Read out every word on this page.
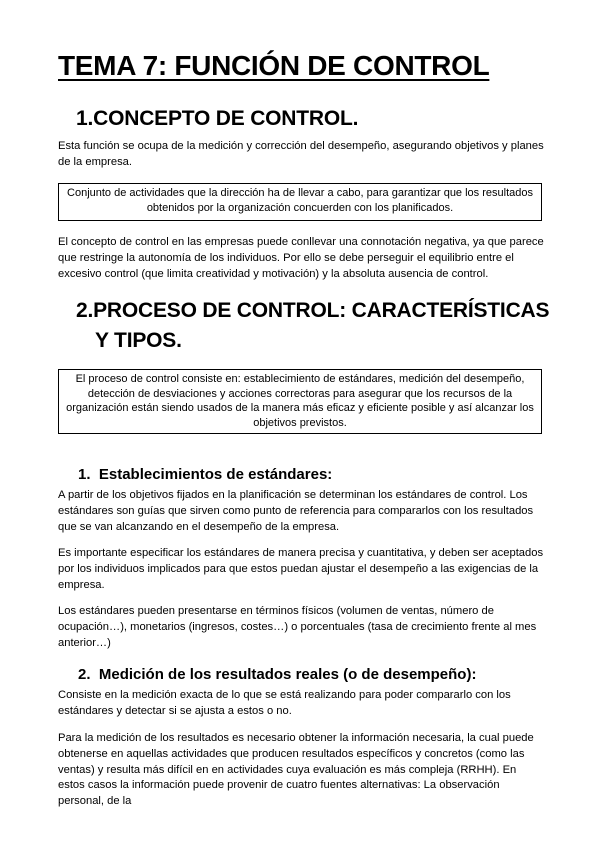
TEMA 7: FUNCIÓN DE CONTROL
1.CONCEPTO DE CONTROL.

Esta función se ocupa de la medición y corrección del desempeño, asegurando objetivos y planes de la empresa.

Conjunto de actividades que la dirección ha de llevar a cabo, para garantizar que los resultados obtenidos por la organización concuerden con los planificados.

El concepto de control en las empresas puede conllevar una connotación negativa, ya que parece que restringe la autonomía de los individuos. Por ello se debe perseguir el equilibrio entre el excesivo control (que limita creatividad y motivación) y la absoluta ausencia de control.

2.PROCESO DE CONTROL: CARACTERÍSTICAS
Y TIPOS.
El proceso de control consiste en: establecimiento de estándares, medición del desempeño, detección de desviaciones y acciones correctoras para asegurar que los recursos de la organización están siendo usados de la manera más eficaz y eficiente posible y así alcanzar los objetivos previstos.
1. Establecimientos de estándares:

A partir de los objetivos fijados en la planificación se determinan los estándares de control. Los estándares son guías que sirven como punto de referencia para compararlos con los resultados que se van alcanzando en el desempeño de la empresa.

Es importante especificar los estándares de manera precisa y cuantitativa, y deben ser aceptados por los individuos implicados para que estos puedan ajustar el desempeño a las exigencias de la empresa.

Los estándares pueden presentarse en términos físicos (volumen de ventas, número de ocupación…), monetarios (ingresos, costes…) o porcentuales (tasa de crecimiento frente al mes anterior…)

2. Medición de los resultados reales (o de desempeño):

Consiste en la medición exacta de lo que se está realizando para poder compararlo con los estándares y detectar si se ajusta a estos o no.

Para la medición de los resultados es necesario obtener la información necesaria, la cual puede obtenerse en aquellas actividades que producen resultados específicos y concretos (como las ventas) y resulta más difícil en en actividades cuya evaluación es más compleja (RRHH). En estos casos la información puede provenir de cuatro fuentes alternativas: La observación personal, de la
